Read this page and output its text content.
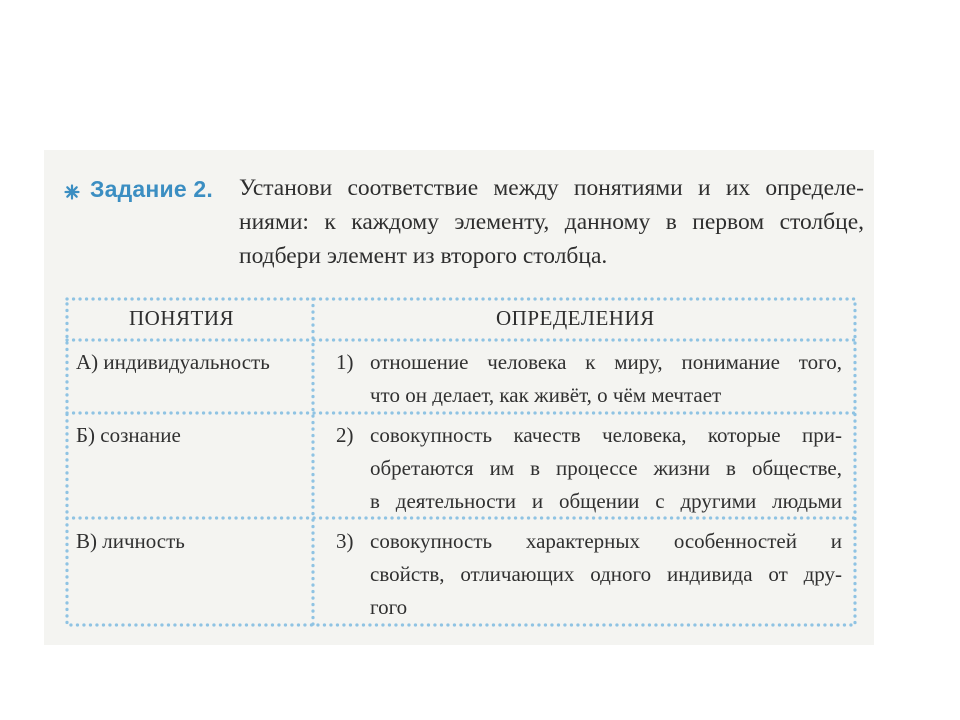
Задание 2. Установи соответствие между понятиями и их определе-
ниями: к каждому элементу, данному в первом столбце,
подбери элемент из второго столбца.
ПОНЯТИЯ	ОПРЕДЕЛЕНИЯ
А) индивидуальность	1) отношение человека к миру, понимание того,
что он делает, как живёт, о чём мечтает
Б) сознание	2) совокупность качеств человека, которые при-
обретаются им в процессе жизни в обществе,
в деятельности и общении с другими людьми
В) личность	3) совокупность характерных особенностей и
свойств, отличающих одного индивида от дру-
гого
